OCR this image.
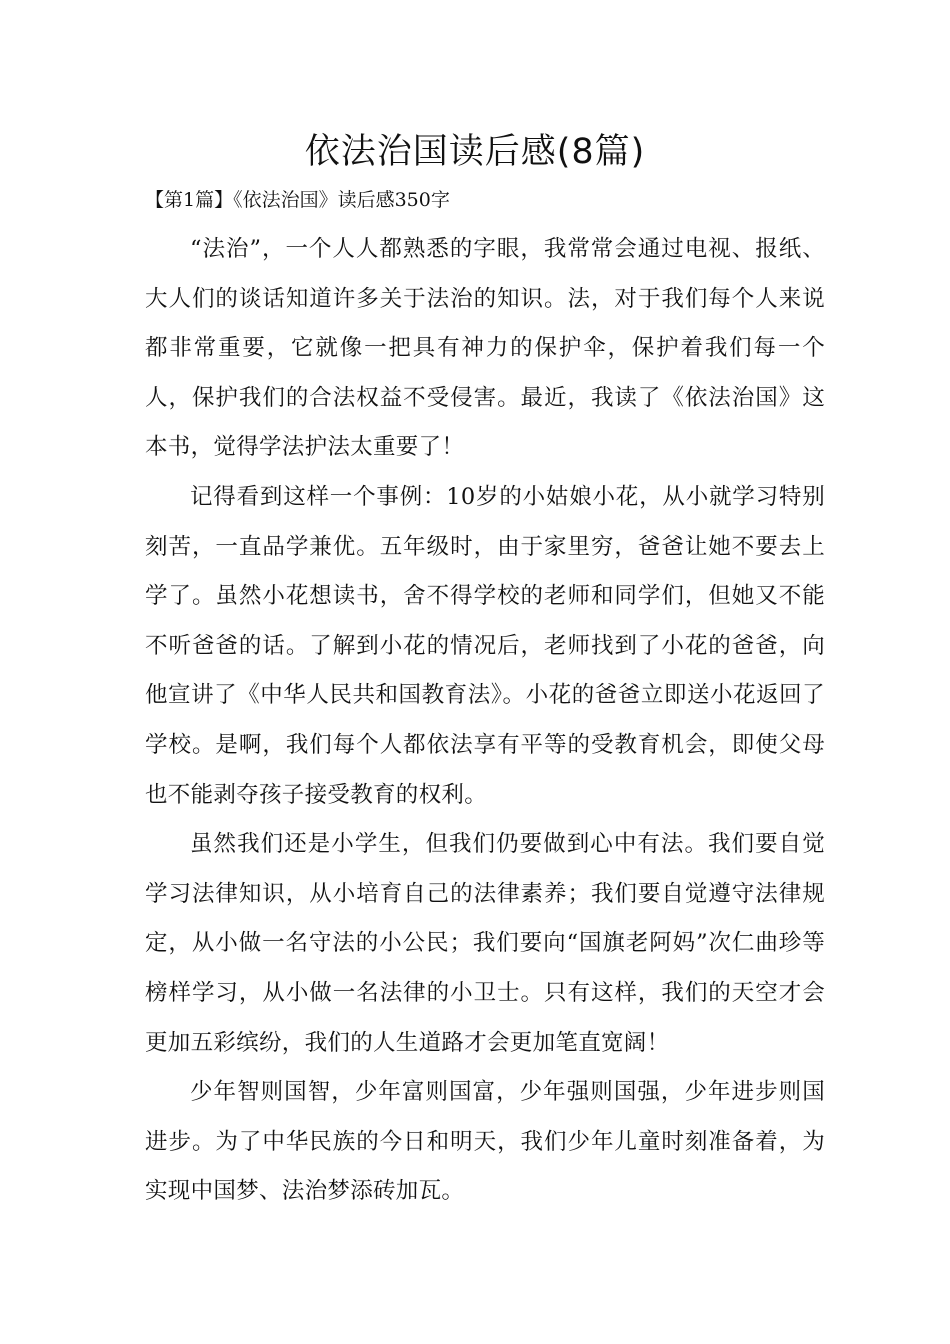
依法治国读后感(8篇)

【第1篇】《依法治国》读后感350字

“法治”，一个人人都熟悉的字眼，我常常会通过电视、报纸、大人们的谈话知道许多关于法治的知识。法，对于我们每个人来说都非常重要，它就像一把具有神力的保护伞，保护着我们每一个人，保护我们的合法权益不受侵害。最近，我读了《依法治国》这本书，觉得学法护法太重要了！

记得看到这样一个事例：10岁的小姑娘小花，从小就学习特别刻苦，一直品学兼优。五年级时，由于家里穷，爸爸让她不要去上学了。虽然小花想读书，舍不得学校的老师和同学们，但她又不能不听爸爸的话。了解到小花的情况后，老师找到了小花的爸爸，向他宣讲了《中华人民共和国教育法》。小花的爸爸立即送小花返回了学校。是啊，我们每个人都依法享有平等的受教育机会，即使父母也不能剥夺孩子接受教育的权利。

虽然我们还是小学生，但我们仍要做到心中有法。我们要自觉学习法律知识，从小培育自己的法律素养；我们要自觉遵守法律规定，从小做一名守法的小公民；我们要向“国旗老阿妈”次仁曲珍等榜样学习，从小做一名法律的小卫士。只有这样，我们的天空才会更加五彩缤纷，我们的人生道路才会更加笔直宽阔！

少年智则国智，少年富则国富，少年强则国强，少年进步则国进步。为了中华民族的今日和明天，我们少年儿童时刻准备着，为实现中国梦、法治梦添砖加瓦。
